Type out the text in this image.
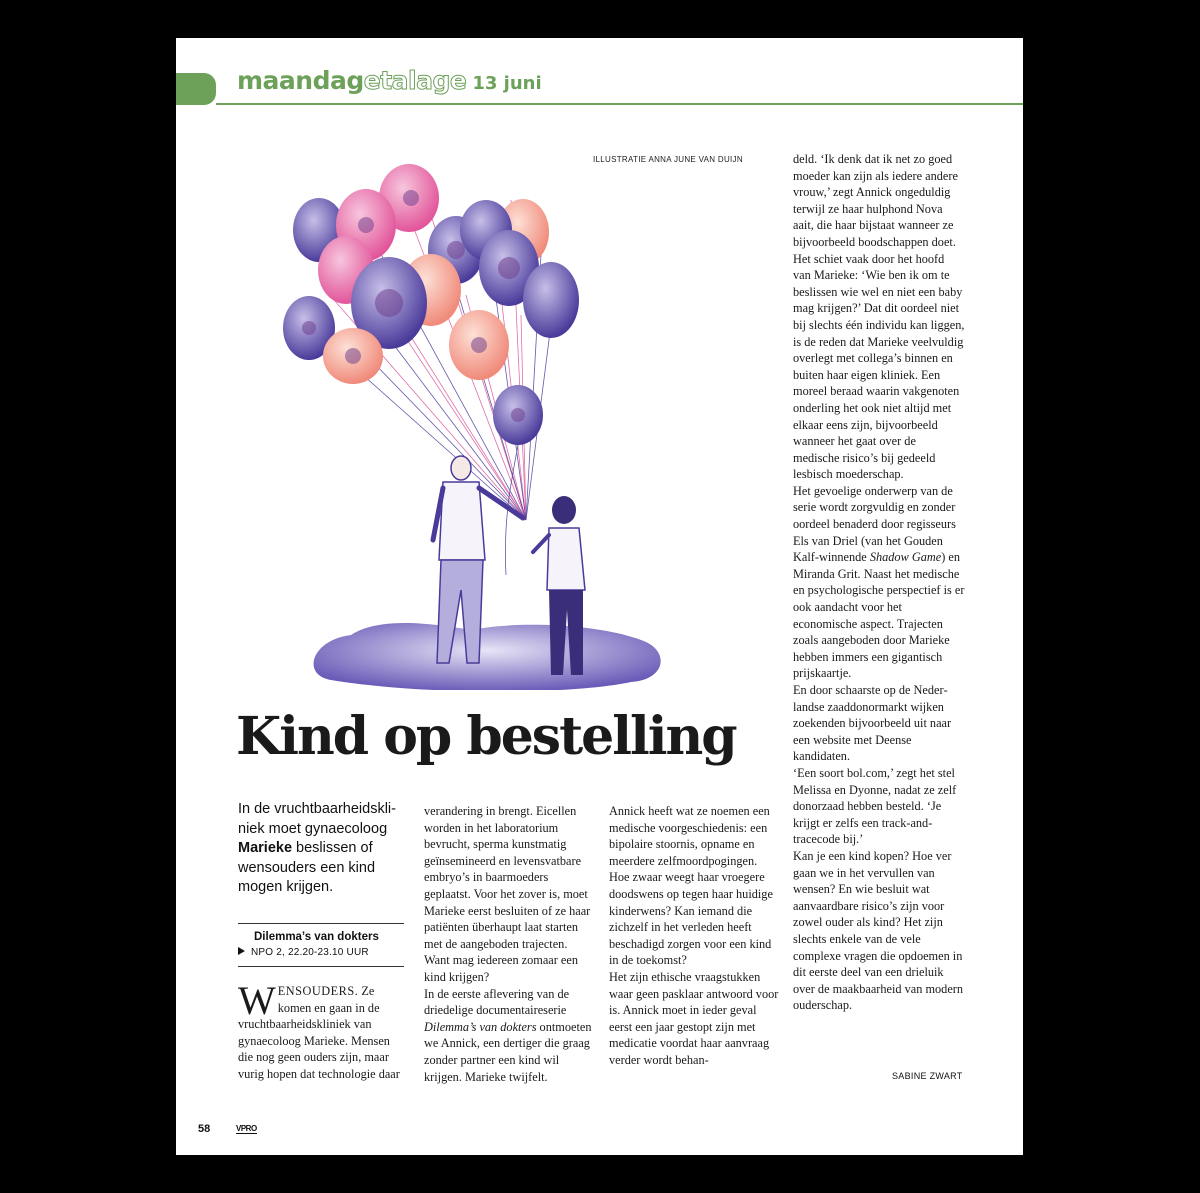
maandagetalage 13 juni
ILLUSTRATIE ANNA JUNE VAN DUIJN
Kind op bestelling

In de vruchtbaarheidskliniek moet gynaecoloog Marieke beslissen of wensouders een kind mogen krijgen.

Dilemma’s van dokters
NPO 2, 22.20-23.10 UUR

WENSOUDERS. Ze komen en gaan in de vruchtbaarheidskliniek van gynaecoloog Marieke. Mensen die nog geen ouders zijn, maar vurig hopen dat technologie daar

verandering in brengt. Eicellen worden in het laboratorium bevrucht, sperma kunstmatig geïnsemineerd en levensvatbare embryo’s in baarmoeders geplaatst. Voor het zover is, moet Marieke eerst besluiten of ze haar patiënten überhaupt laat starten met de aangeboden trajecten. Want mag iedereen zomaar een kind krijgen?

In de eerste aflevering van de driedelige documentaireserie Dilemma’s van dokters ontmoeten we Annick, een dertiger die graag zonder partner een kind wil krijgen. Marieke twijfelt.

Annick heeft wat ze noemen een medische voorgeschiedenis: een bipolaire stoornis, opname en meerdere zelfmoordpogingen. Hoe zwaar weegt haar vroegere doodswens op tegen haar huidige kinderwens? Kan iemand die zichzelf in het verleden heeft beschadigd zorgen voor een kind in de toekomst?

Het zijn ethische vraagstukken waar geen pasklaar antwoord voor is. Annick moet in ieder geval eerst een jaar gestopt zijn met medicatie voordat haar aanvraag verder wordt behan-

deld. ‘Ik denk dat ik net zo goed moeder kan zijn als iedere andere vrouw,’ zegt Annick ongeduldig terwijl ze haar hulphond Nova aait, die haar bijstaat wanneer ze bijvoorbeeld boodschappen doet. Het schiet vaak door het hoofd van Marieke: ‘Wie ben ik om te beslissen wie wel en niet een baby mag krijgen?’ Dat dit oordeel niet bij slechts één individu kan liggen, is de reden dat Marieke veelvuldig overlegt met collega’s binnen en buiten haar eigen kliniek. Een moreel beraad waarin vakgenoten onderling het ook niet altijd met elkaar eens zijn, bijvoorbeeld wanneer het gaat over de medische risico’s bij gedeeld lesbisch moederschap.

Het gevoelige onderwerp van de serie wordt zorgvuldig en zonder oordeel benaderd door regisseurs Els van Driel (van het Gouden Kalf-winnende Shadow Game) en Miranda Grit. Naast het medische en psychologische perspectief is er ook aandacht voor het economische aspect. Trajecten zoals aangeboden door Marieke hebben immers een gigantisch prijskaartje.

En door schaarste op de Nederlandse zaaddonormarkt wijken zoekenden bijvoorbeeld uit naar een website met Deense kandidaten.

‘Een soort bol.com,’ zegt het stel Melissa en Dyonne, nadat ze zelf donorzaad hebben besteld. ‘Je krijgt er zelfs een track-and-tracecode bij.’

Kan je een kind kopen? Hoe ver gaan we in het vervullen van wensen? En wie besluit wat aanvaardbare risico’s zijn voor zowel ouder als kind? Het zijn slechts enkele van de vele complexe vragen die opdoemen in dit eerste deel van een drieluik over de maakbaarheid van modern ouderschap.

SABINE ZWART
58	VPRO
